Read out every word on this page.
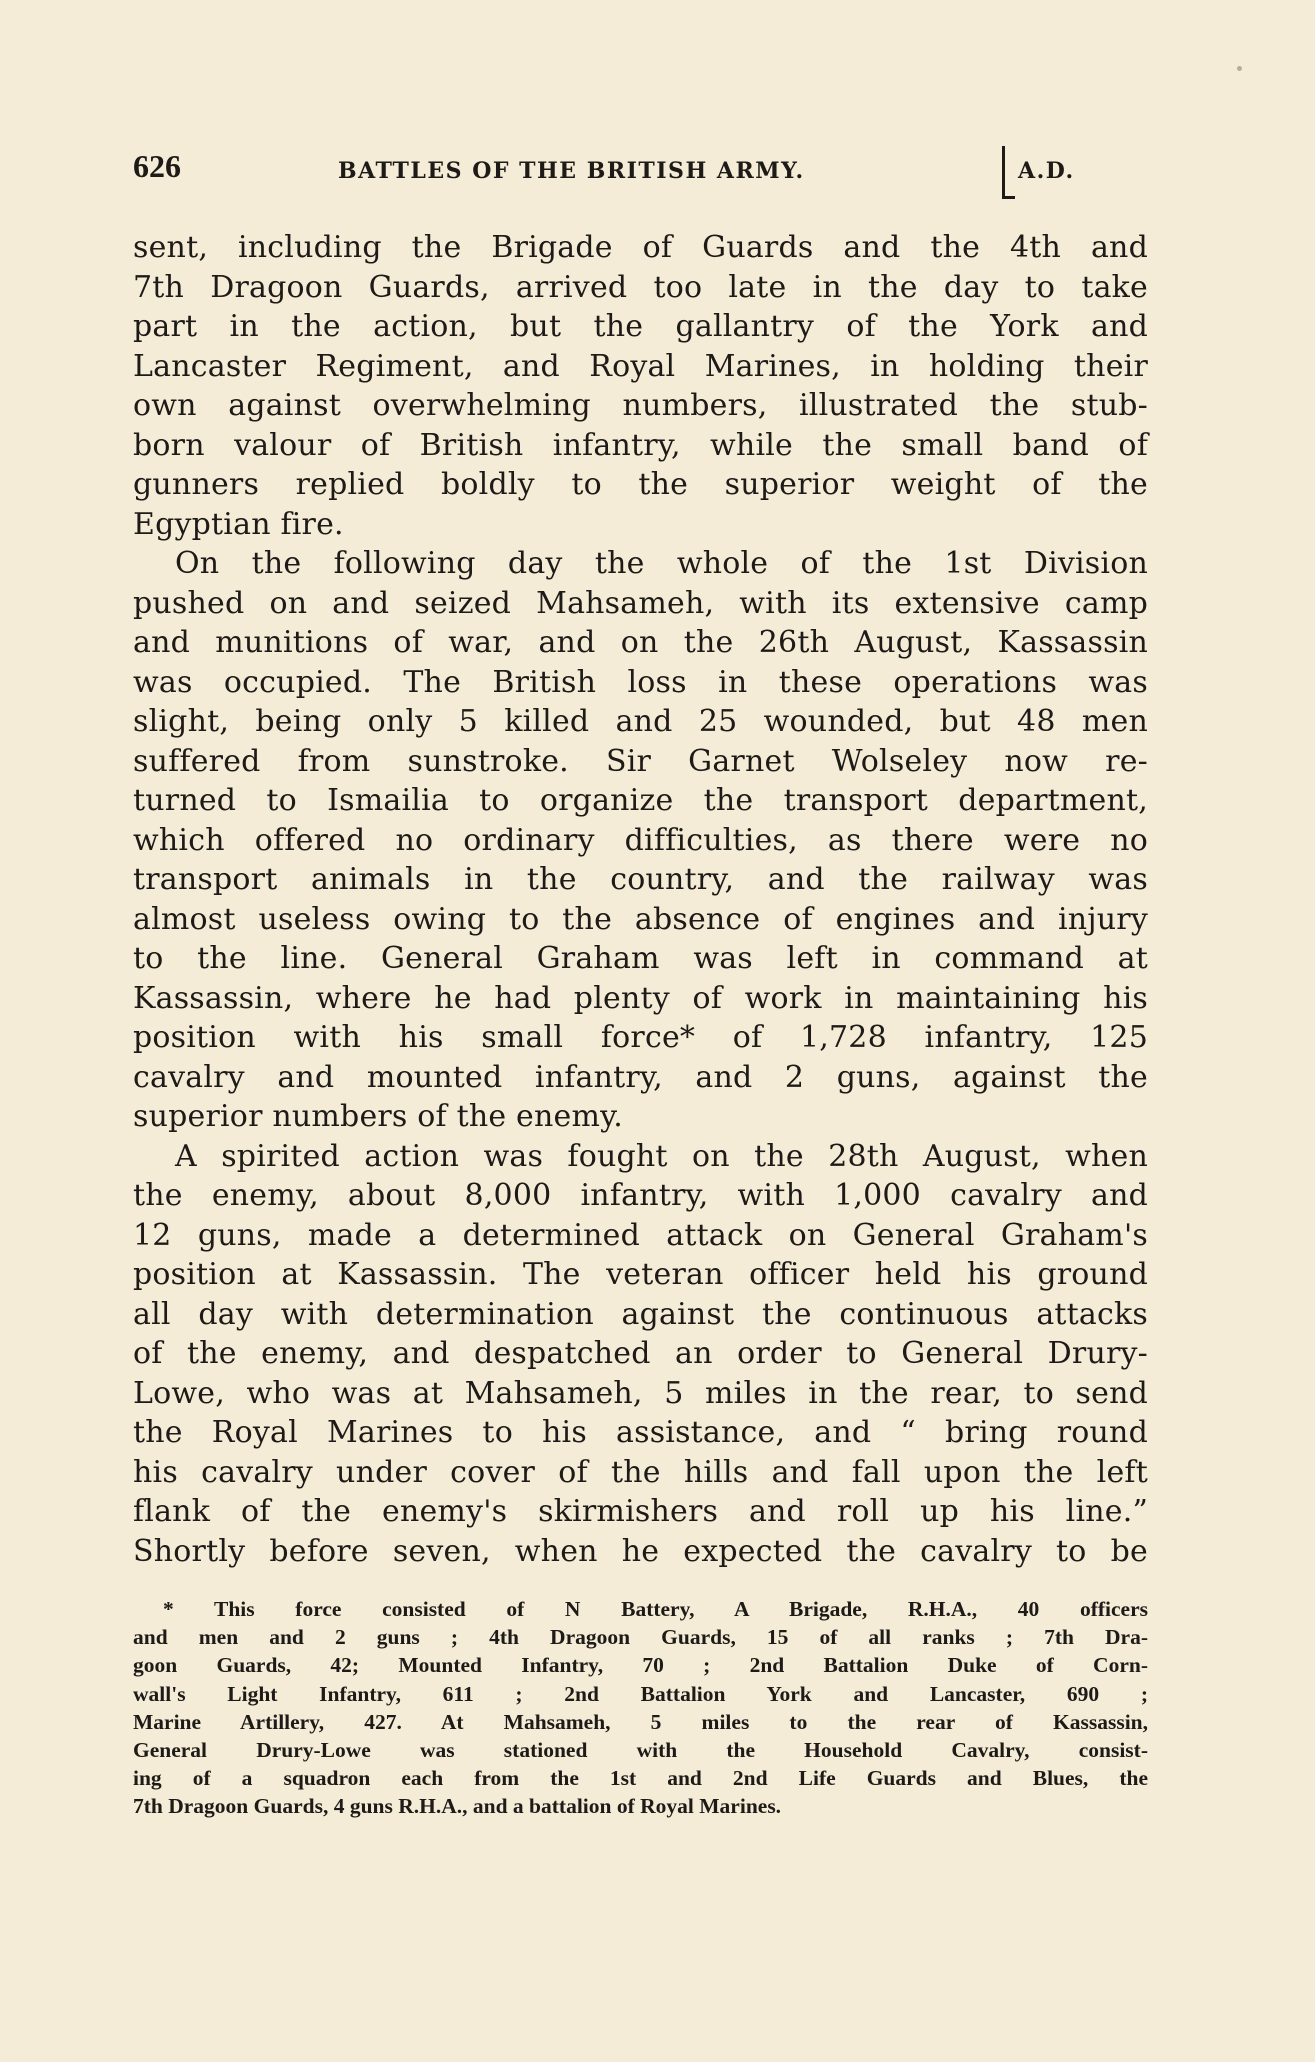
626	BATTLES OF THE BRITISH ARMY.	A.D.
sent, including the Brigade of Guards and the 4th and
7th Dragoon Guards, arrived too late in the day to take
part in the action, but the gallantry of the York and
Lancaster Regiment, and Royal Marines, in holding their
own against overwhelming numbers, illustrated the stub-
born valour of British infantry, while the small band of
gunners replied boldly to the superior weight of the
Egyptian fire.
On the following day the whole of the 1st Division
pushed on and seized Mahsameh, with its extensive camp
and munitions of war, and on the 26th August, Kassassin
was occupied. The British loss in these operations was
slight, being only 5 killed and 25 wounded, but 48 men
suffered from sunstroke. Sir Garnet Wolseley now re-
turned to Ismailia to organize the transport department,
which offered no ordinary difficulties, as there were no
transport animals in the country, and the railway was
almost useless owing to the absence of engines and injury
to the line. General Graham was left in command at
Kassassin, where he had plenty of work in maintaining his
position with his small force* of 1,728 infantry, 125
cavalry and mounted infantry, and 2 guns, against the
superior numbers of the enemy.
A spirited action was fought on the 28th August, when
the enemy, about 8,000 infantry, with 1,000 cavalry and
12 guns, made a determined attack on General Graham's
position at Kassassin. The veteran officer held his ground
all day with determination against the continuous attacks
of the enemy, and despatched an order to General Drury-
Lowe, who was at Mahsameh, 5 miles in the rear, to send
the Royal Marines to his assistance, and “ bring round
his cavalry under cover of the hills and fall upon the left
flank of the enemy's skirmishers and roll up his line.”
Shortly before seven, when he expected the cavalry to be
* This force consisted of N Battery, A Brigade, R.H.A., 40 officers
and men and 2 guns ; 4th Dragoon Guards, 15 of all ranks ; 7th Dra-
goon Guards, 42; Mounted Infantry, 70 ; 2nd Battalion Duke of Corn-
wall's Light Infantry, 611 ; 2nd Battalion York and Lancaster, 690 ;
Marine Artillery, 427. At Mahsameh, 5 miles to the rear of Kassassin,
General Drury-Lowe was stationed with the Household Cavalry, consist-
ing of a squadron each from the 1st and 2nd Life Guards and Blues, the
7th Dragoon Guards, 4 guns R.H.A., and a battalion of Royal Marines.
